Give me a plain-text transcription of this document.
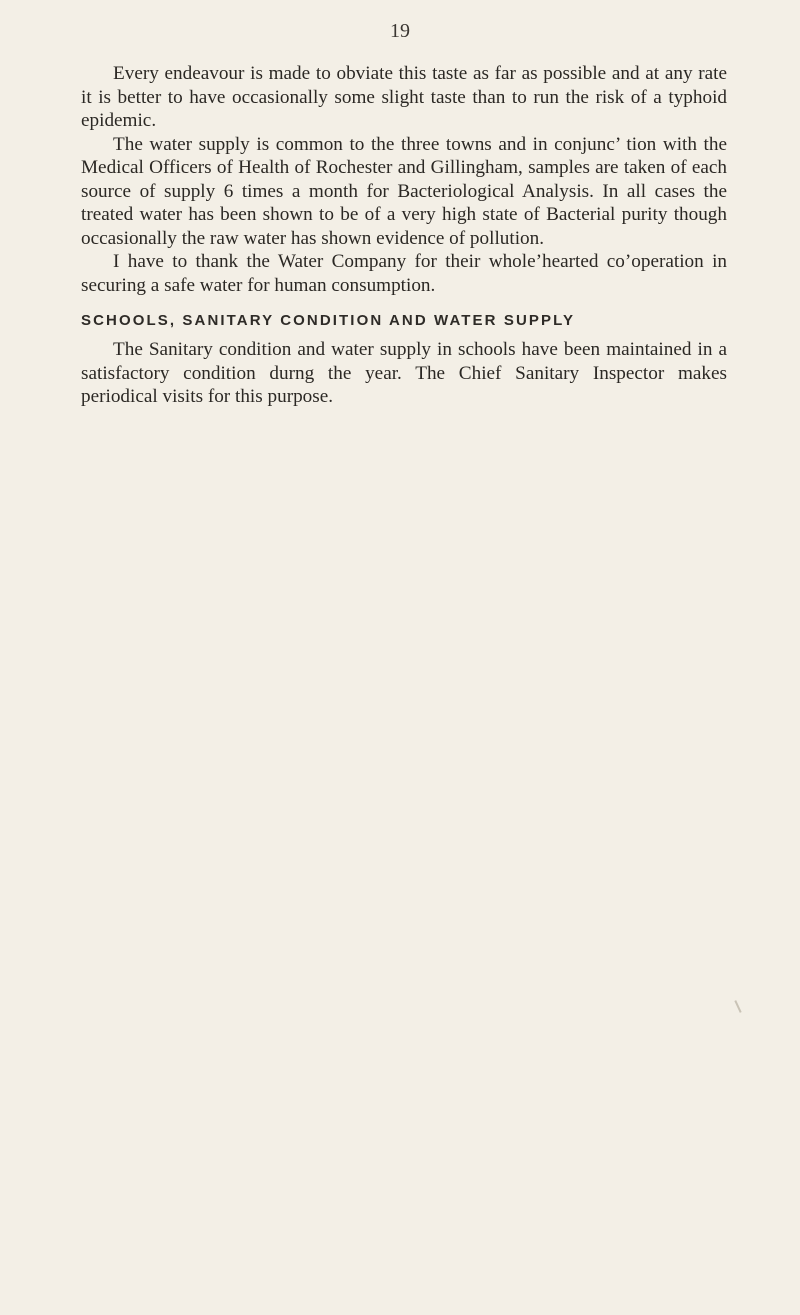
19

Every endeavour is made to obviate this taste as far as possible and at any rate it is better to have occasionally some slight taste than to run the risk of a typhoid epidemic.

The water supply is common to the three towns and in conjunc’ tion with the Medical Officers of Health of Rochester and Gillingham, samples are taken of each source of supply 6 times a month for Bacteriological Analysis. In all cases the treated water has been shown to be of a very high state of Bacterial purity though occasionally the raw water has shown evidence of pollution.

I have to thank the Water Company for their whole’hearted co’operation in securing a safe water for human consumption.

SCHOOLS, SANITARY CONDITION AND WATER SUPPLY

The Sanitary condition and water supply in schools have been maintained in a satisfactory condition durng the year. The Chief Sanitary Inspector makes periodical visits for this purpose.
